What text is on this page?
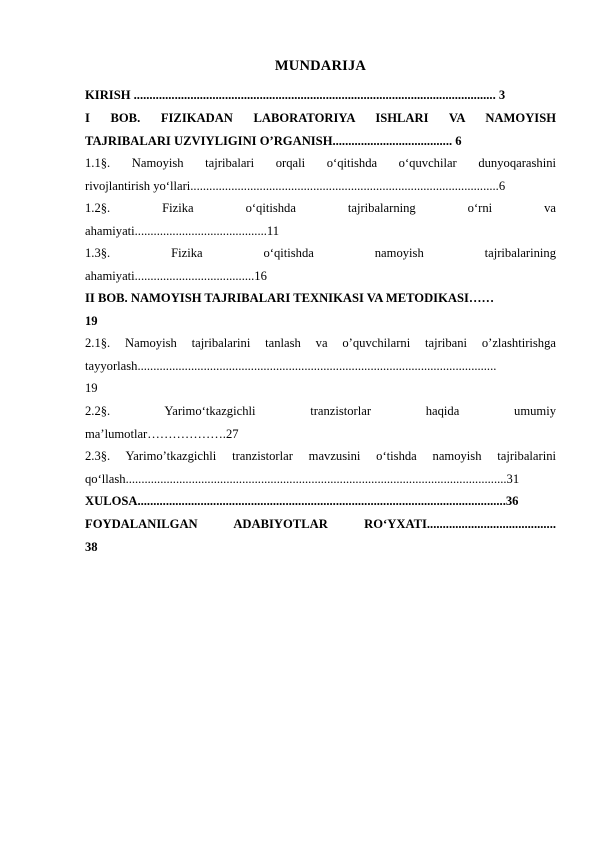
MUNDARIJA
KIRISH ................................................................................................................... 3
I BOB. FIZIKADAN LABORATORIYA ISHLARI VA NAMOYISH
TAJRIBALARI UZVIYLIGINI O’RGANISH...................................... 6
1.1§. Namoyish tajribalari orqali o‘qitishda o‘quvchilar dunyoqarashini
rivojlantirish yo‘llari..................................................................................................6
1.2§. Fizika o‘qitishda tajribalarning o‘rni va
ahamiyati..........................................11
1.3§. Fizika o‘qitishda namoyish tajribalarining
ahamiyati......................................16
II BOB. NAMOYISH TAJRIBALARI TEXNIKASI VA METODIKASI……
19
2.1§. Namoyish tajribalarini tanlash va o’quvchilarni tajribani o’zlashtirishga
tayyorlash..................................................................................................................
19
2.2§. Yarimo‘tkazgichli tranzistorlar haqida umumiy
ma’lumotlar……………….27
2.3§. Yarimo’tkazgichli tranzistorlar mavzusini o‘tishda namoyish tajribalarini
qo‘llash.........................................................................................................................31
XULOSA.....................................................................................................................36
FOYDALANILGAN ADABIYOTLAR RO‘YXATI.........................................
38
